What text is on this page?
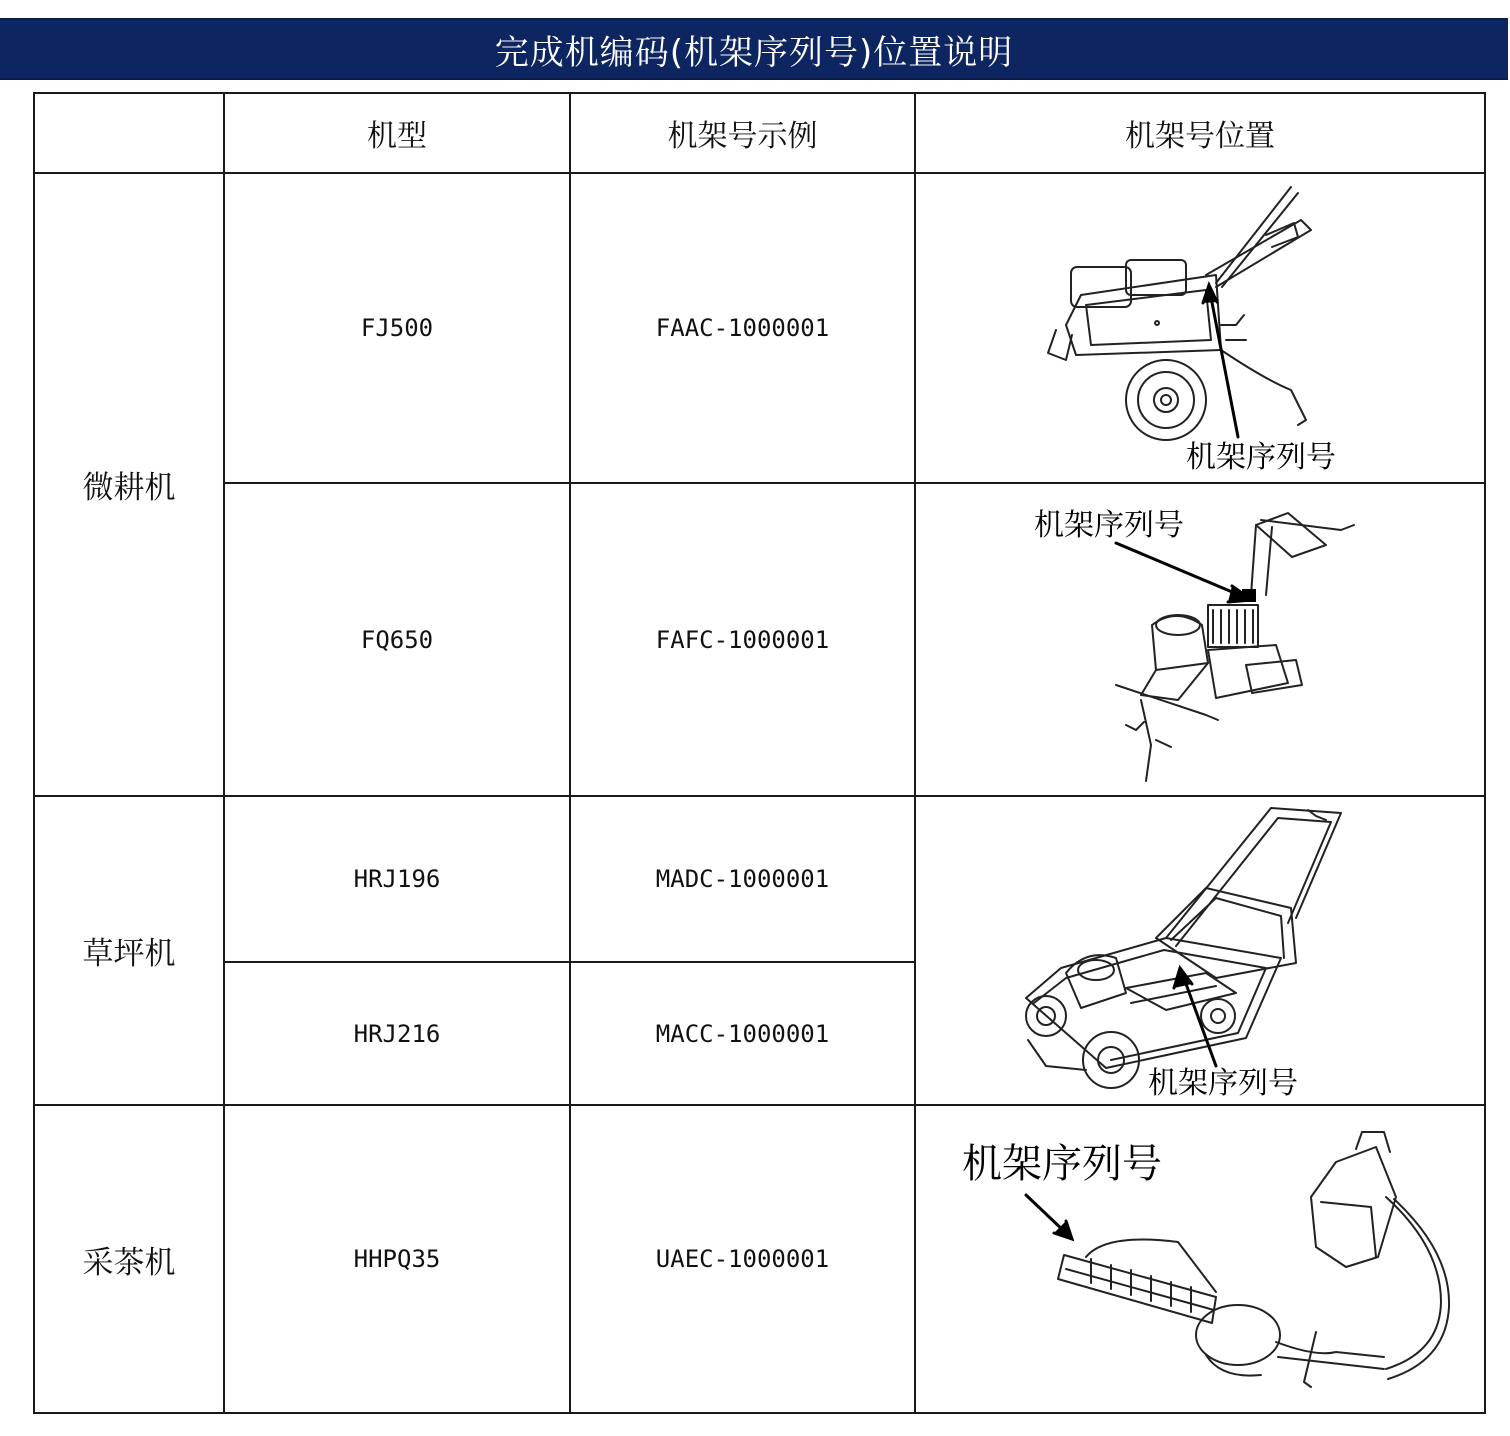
完成机编码(机架序列号)位置说明
	机型	机架号示例	机架号位置
微耕机	FJ500	FAAC-1000001	机架序列号

	FQ650	FAFC-1000001	机架序列号

草坪机	HRJ196	MADC-1000001	机架序列号

	HRJ216	MACC-1000001	
采茶机	HHPQ35	UAEC-1000001	机架序列号
